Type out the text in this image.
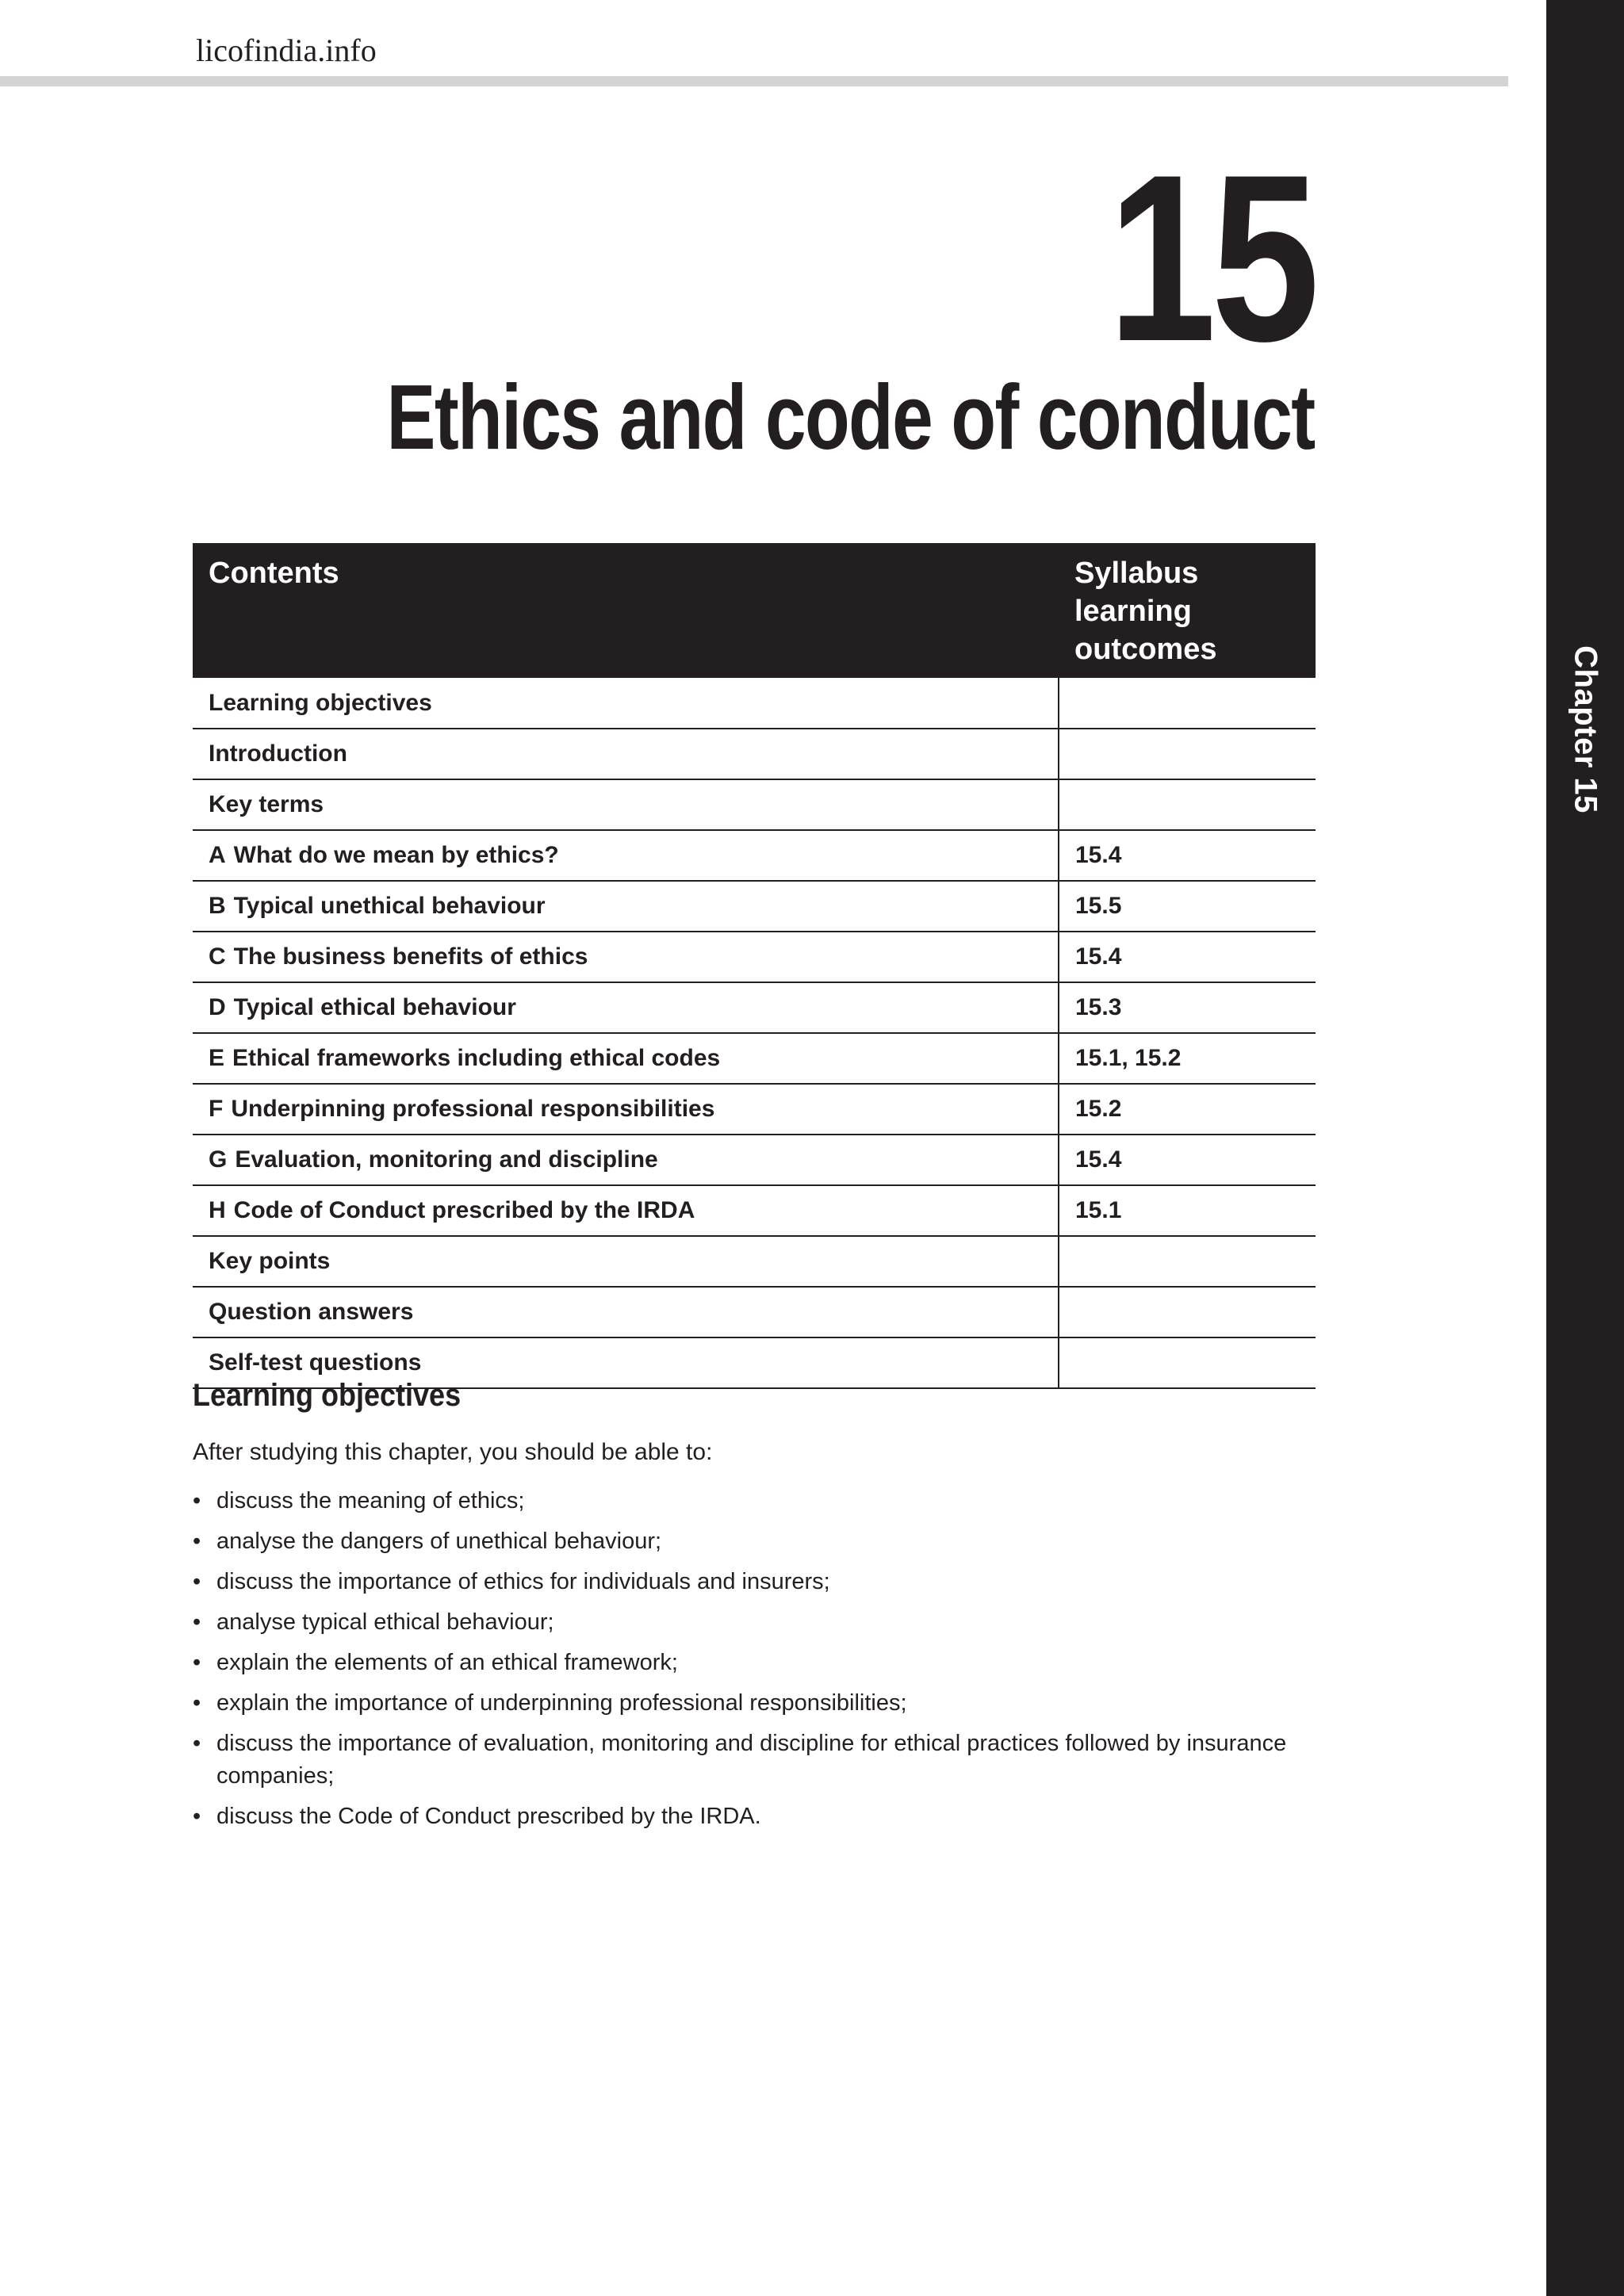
licofindia.info
Chapter 15
15
Ethics and code of conduct
Contents	Syllabus learning outcomes
Learning objectives	
Introduction	
Key terms	
A What do we mean by ethics?	15.4
B Typical unethical behaviour	15.5
C The business benefits of ethics	15.4
D Typical ethical behaviour	15.3
E Ethical frameworks including ethical codes	15.1, 15.2
F Underpinning professional responsibilities	15.2
G Evaluation, monitoring and discipline	15.4
H Code of Conduct prescribed by the IRDA	15.1
Key points	
Question answers	
Self-test questions	
Learning objectives
After studying this chapter, you should be able to:
• discuss the meaning of ethics;
• analyse the dangers of unethical behaviour;
• discuss the importance of ethics for individuals and insurers;
• analyse typical ethical behaviour;
• explain the elements of an ethical framework;
• explain the importance of underpinning professional responsibilities;
• discuss the importance of evaluation, monitoring and discipline for ethical practices followed by insurance companies;
• discuss the Code of Conduct prescribed by the IRDA.
